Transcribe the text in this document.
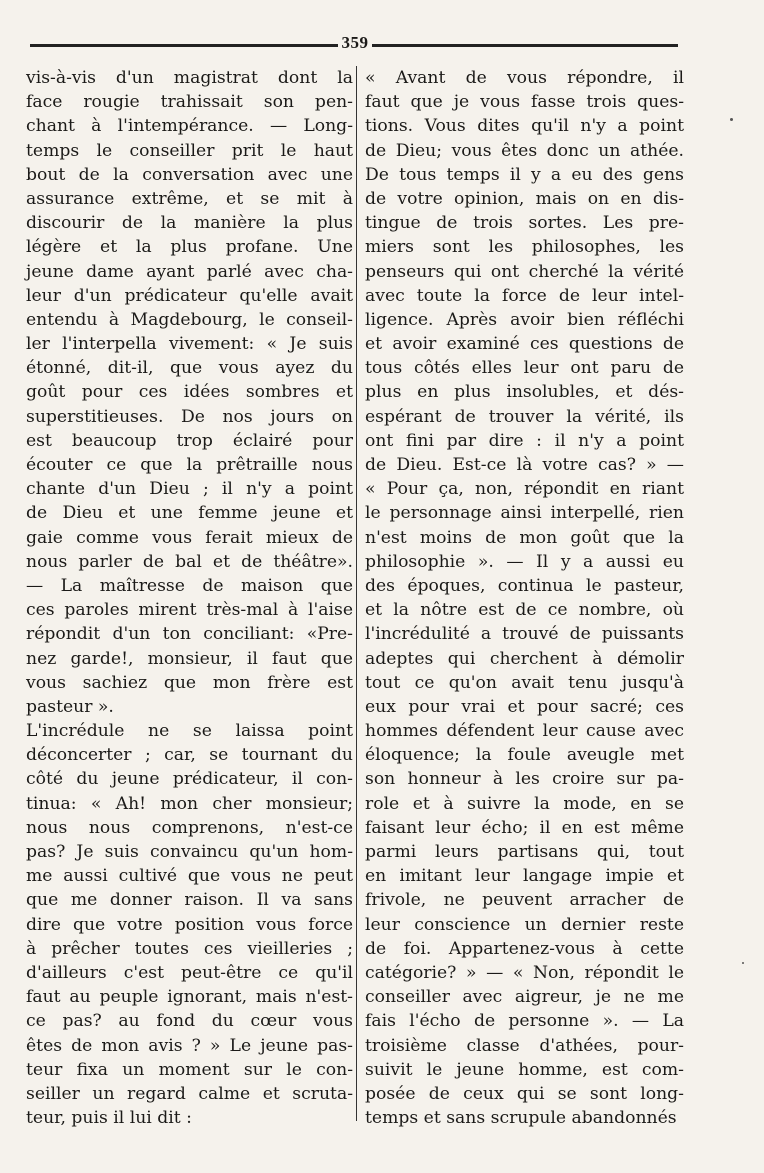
359
vis-à-vis d'un magistrat dont la
face rougie trahissait son pen-
chant à l'intempérance. — Long-
temps le conseiller prit le haut
bout de la conversation avec une
assurance extrême, et se mit à
discourir de la manière la plus
légère et la plus profane. Une
jeune dame ayant parlé avec cha-
leur d'un prédicateur qu'elle avait
entendu à Magdebourg, le conseil-
ler l'interpella vivement: « Je suis
étonné, dit-il, que vous ayez du
goût pour ces idées sombres et
superstitieuses. De nos jours on
est beaucoup trop éclairé pour
écouter ce que la prêtraille nous
chante d'un Dieu ; il n'y a point
de Dieu et une femme jeune et
gaie comme vous ferait mieux de
nous parler de bal et de théâtre».
— La maîtresse de maison que
ces paroles mirent très-mal à l'aise
répondit d'un ton conciliant: «Pre-
nez garde!, monsieur, il faut que
vous sachiez que mon frère est
pasteur ».
L'incrédule ne se laissa point
déconcerter ; car, se tournant du
côté du jeune prédicateur, il con-
tinua: « Ah! mon cher monsieur;
nous nous comprenons, n'est-ce
pas? Je suis convaincu qu'un hom-
me aussi cultivé que vous ne peut
que me donner raison. Il va sans
dire que votre position vous force
à prêcher toutes ces vieilleries ;
d'ailleurs c'est peut-être ce qu'il
faut au peuple ignorant, mais n'est-
ce pas? au fond du cœur vous
êtes de mon avis ? » Le jeune pas-
teur fixa un moment sur le con-
seiller un regard calme et scruta-
teur, puis il lui dit :
« Avant de vous répondre, il
faut que je vous fasse trois ques-
tions. Vous dites qu'il n'y a point
de Dieu; vous êtes donc un athée.
De tous temps il y a eu des gens
de votre opinion, mais on en dis-
tingue de trois sortes. Les pre-
miers sont les philosophes, les
penseurs qui ont cherché la vérité
avec toute la force de leur intel-
ligence. Après avoir bien réfléchi
et avoir examiné ces questions de
tous côtés elles leur ont paru de
plus en plus insolubles, et dés-
espérant de trouver la vérité, ils
ont fini par dire : il n'y a point
de Dieu. Est-ce là votre cas? » —
« Pour ça, non, répondit en riant
le personnage ainsi interpellé, rien
n'est moins de mon goût que la
philosophie ». — Il y a aussi eu
des époques, continua le pasteur,
et la nôtre est de ce nombre, où
l'incrédulité a trouvé de puissants
adeptes qui cherchent à démolir
tout ce qu'on avait tenu jusqu'à
eux pour vrai et pour sacré; ces
hommes défendent leur cause avec
éloquence; la foule aveugle met
son honneur à les croire sur pa-
role et à suivre la mode, en se
faisant leur écho; il en est même
parmi leurs partisans qui, tout
en imitant leur langage impie et
frivole, ne peuvent arracher de
leur conscience un dernier reste
de foi. Appartenez-vous à cette
catégorie? » — « Non, répondit le
conseiller avec aigreur, je ne me
fais l'écho de personne ». — La
troisième classe d'athées, pour-
suivit le jeune homme, est com-
posée de ceux qui se sont long-
temps et sans scrupule abandonnés
